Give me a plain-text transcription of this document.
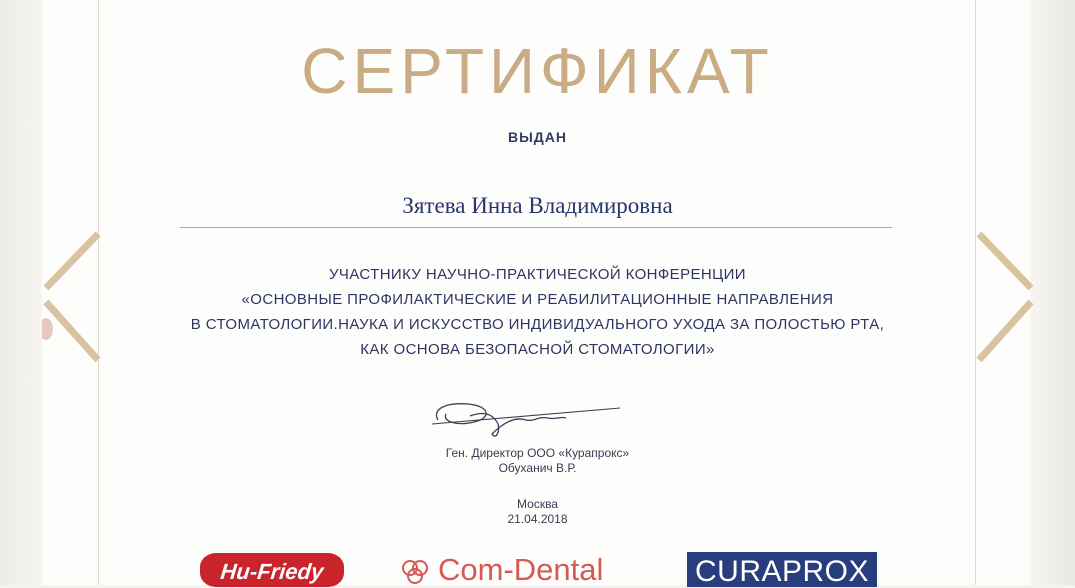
СЕРТИФИКАТ
ВЫДАН
Зятева Инна Владимировна
УЧАСТНИКУ НАУЧНО-ПРАКТИЧЕСКОЙ КОНФЕРЕНЦИИ
«ОСНОВНЫЕ ПРОФИЛАКТИЧЕСКИЕ И РЕАБИЛИТАЦИОННЫЕ НАПРАВЛЕНИЯ
В СТОМАТОЛОГИИ.НАУКА И ИСКУССТВО ИНДИВИДУАЛЬНОГО УХОДА ЗА ПОЛОСТЬЮ РТА,
КАК ОСНОВА БЕЗОПАСНОЙ СТОМАТОЛОГИИ»
Ген. Директор ООО «Курапрокс»
Обуханич В.Р.
Москва
21.04.2018
Hu-Friedy	Com-Dental	CURAPROX
